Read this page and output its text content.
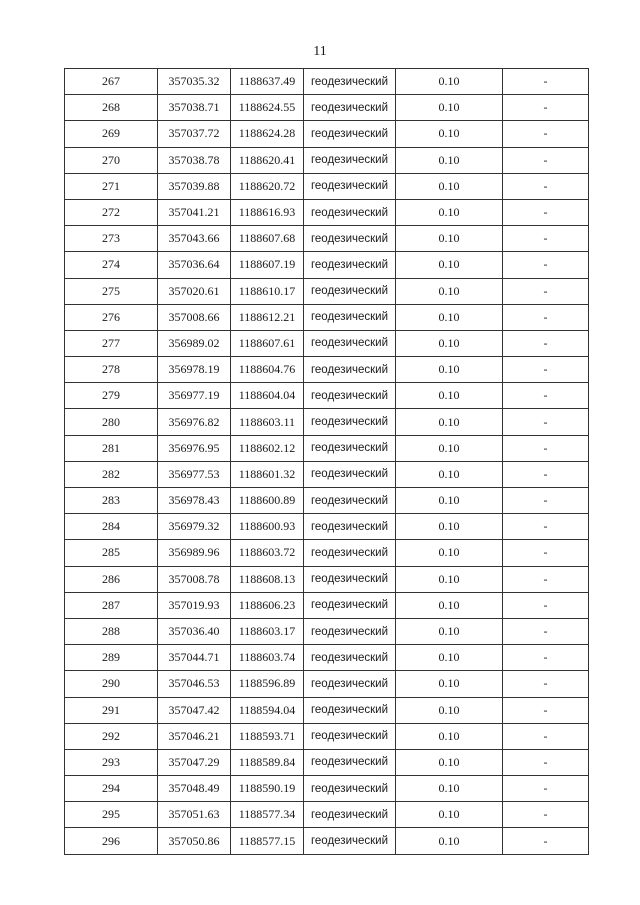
11
267	357035.32	1188637.49	геодезический	0.10	-
268	357038.71	1188624.55	геодезический	0.10	-
269	357037.72	1188624.28	геодезический	0.10	-
270	357038.78	1188620.41	геодезический	0.10	-
271	357039.88	1188620.72	геодезический	0.10	-
272	357041.21	1188616.93	геодезический	0.10	-
273	357043.66	1188607.68	геодезический	0.10	-
274	357036.64	1188607.19	геодезический	0.10	-
275	357020.61	1188610.17	геодезический	0.10	-
276	357008.66	1188612.21	геодезический	0.10	-
277	356989.02	1188607.61	геодезический	0.10	-
278	356978.19	1188604.76	геодезический	0.10	-
279	356977.19	1188604.04	геодезический	0.10	-
280	356976.82	1188603.11	геодезический	0.10	-
281	356976.95	1188602.12	геодезический	0.10	-
282	356977.53	1188601.32	геодезический	0.10	-
283	356978.43	1188600.89	геодезический	0.10	-
284	356979.32	1188600.93	геодезический	0.10	-
285	356989.96	1188603.72	геодезический	0.10	-
286	357008.78	1188608.13	геодезический	0.10	-
287	357019.93	1188606.23	геодезический	0.10	-
288	357036.40	1188603.17	геодезический	0.10	-
289	357044.71	1188603.74	геодезический	0.10	-
290	357046.53	1188596.89	геодезический	0.10	-
291	357047.42	1188594.04	геодезический	0.10	-
292	357046.21	1188593.71	геодезический	0.10	-
293	357047.29	1188589.84	геодезический	0.10	-
294	357048.49	1188590.19	геодезический	0.10	-
295	357051.63	1188577.34	геодезический	0.10	-
296	357050.86	1188577.15	геодезический	0.10	-
